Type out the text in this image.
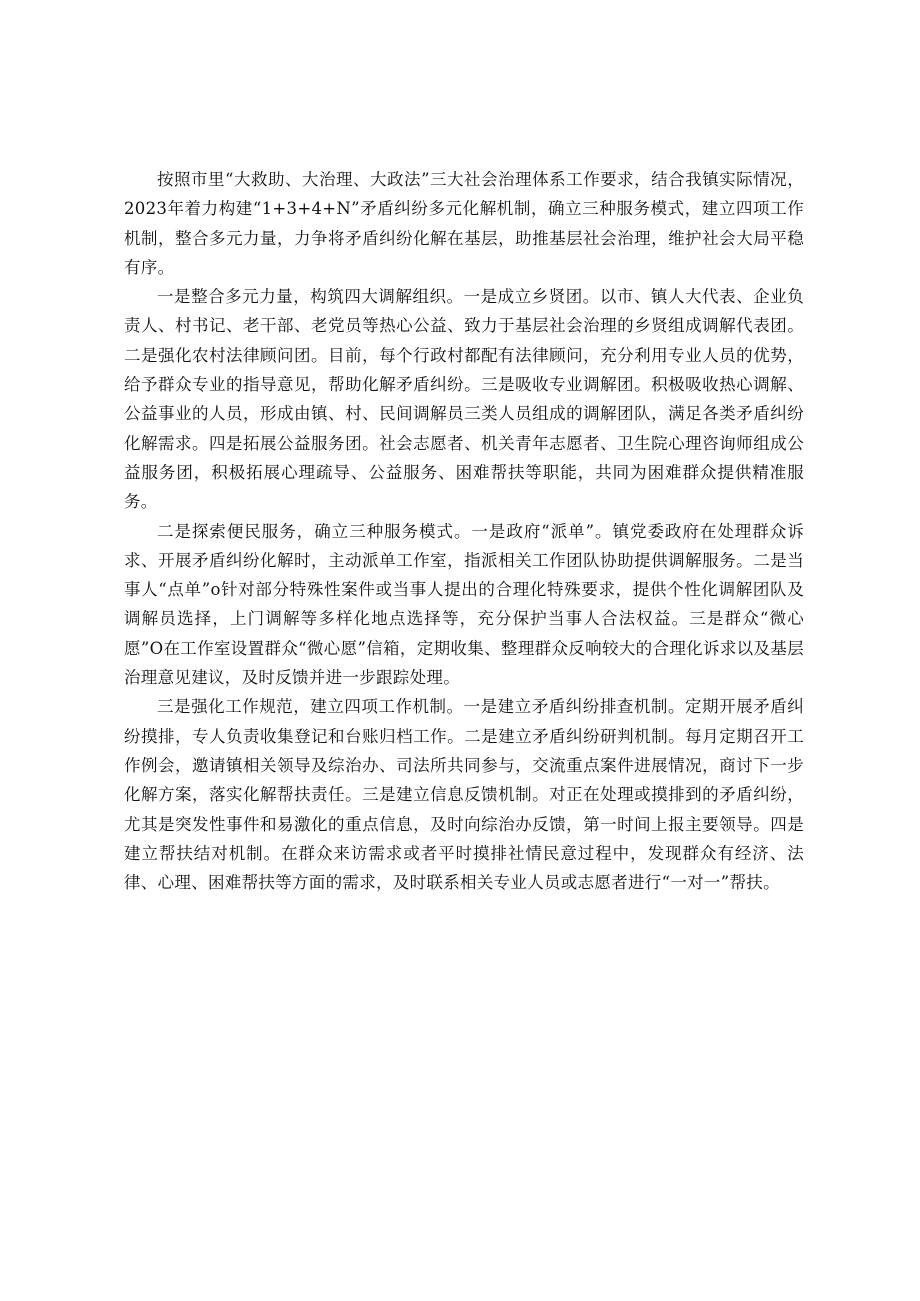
按照市里“大救助、大治理、大政法”三大社会治理体系工作要求，结合我镇实际情况，2023年着力构建“1+3+4+N”矛盾纠纷多元化解机制，确立三种服务模式，建立四项工作机制，整合多元力量，力争将矛盾纠纷化解在基层，助推基层社会治理，维护社会大局平稳有序。

一是整合多元力量，构筑四大调解组织。一是成立乡贤团。以市、镇人大代表、企业负责人、村书记、老干部、老党员等热心公益、致力于基层社会治理的乡贤组成调解代表团。二是强化农村法律顾问团。目前，每个行政村都配有法律顾问，充分利用专业人员的优势，给予群众专业的指导意见，帮助化解矛盾纠纷。三是吸收专业调解团。积极吸收热心调解、公益事业的人员，形成由镇、村、民间调解员三类人员组成的调解团队，满足各类矛盾纠纷化解需求。四是拓展公益服务团。社会志愿者、机关青年志愿者、卫生院心理咨询师组成公益服务团，积极拓展心理疏导、公益服务、困难帮扶等职能，共同为困难群众提供精准服务。

二是探索便民服务，确立三种服务模式。一是政府“派单”。镇党委政府在处理群众诉求、开展矛盾纠纷化解时，主动派单工作室，指派相关工作团队协助提供调解服务。二是当事人“点单”o针对部分特殊性案件或当事人提出的合理化特殊要求，提供个性化调解团队及调解员选择，上门调解等多样化地点选择等，充分保护当事人合法权益。三是群众“微心愿”O在工作室设置群众“微心愿”信箱，定期收集、整理群众反响较大的合理化诉求以及基层治理意见建议，及时反馈并进一步跟踪处理。

三是强化工作规范，建立四项工作机制。一是建立矛盾纠纷排查机制。定期开展矛盾纠纷摸排，专人负责收集登记和台账归档工作。二是建立矛盾纠纷研判机制。每月定期召开工作例会，邀请镇相关领导及综治办、司法所共同参与，交流重点案件进展情况，商讨下一步化解方案，落实化解帮扶责任。三是建立信息反馈机制。对正在处理或摸排到的矛盾纠纷，尤其是突发性事件和易激化的重点信息，及时向综治办反馈，第一时间上报主要领导。四是建立帮扶结对机制。在群众来访需求或者平时摸排社情民意过程中，发现群众有经济、法律、心理、困难帮扶等方面的需求，及时联系相关专业人员或志愿者进行“一对一”帮扶。
